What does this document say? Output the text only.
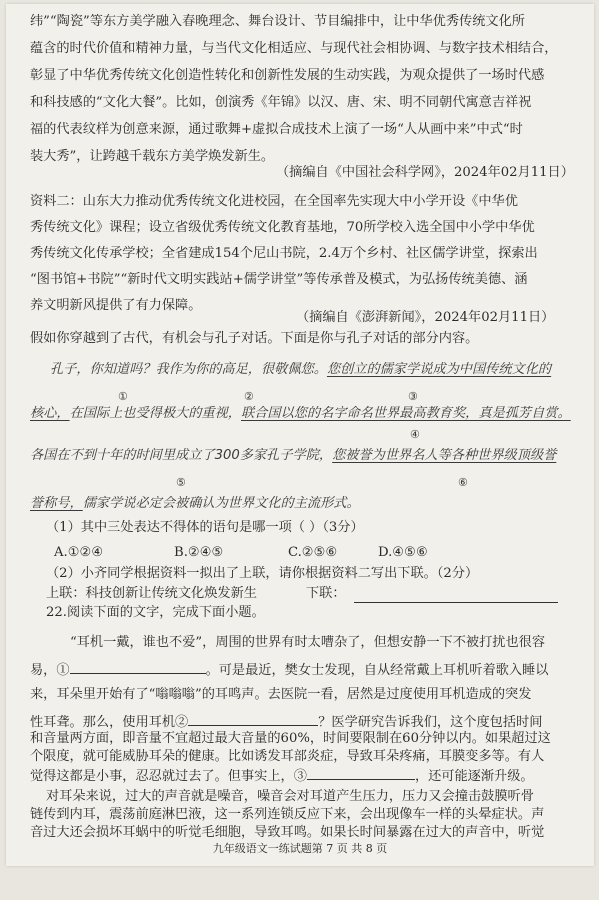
纬”“陶瓷”等东方美学融入春晚理念、舞台设计、节目编排中，让中华优秀传统文化所
蕴含的时代价值和精神力量，与当代文化相适应、与现代社会相协调、与数字技术相结合，
彰显了中华优秀传统文化创造性转化和创新性发展的生动实践，为观众提供了一场时代感
和科技感的“文化大餐”。比如，创演秀《年锦》以汉、唐、宋、明不同朝代寓意吉祥祝
福的代表纹样为创意来源，通过歌舞+虚拟合成技术上演了一场“人从画中来”中式“时
装大秀”，让跨越千载东方美学焕发新生。
（摘编自《中国社会科学网》，2024年02月11日）
资料二：山东大力推动优秀传统文化进校园，在全国率先实现大中小学开设《中华优
秀传统文化》课程；设立省级优秀传统文化教育基地，70所学校入选全国中小学中华优
秀传统文化传承学校；全省建成154个尼山书院，2.4万个乡村、社区儒学讲堂，探索出
“图书馆+书院”“新时代文明实践站+儒学讲堂”等传承普及模式，为弘扬传统美德、涵
养文明新风提供了有力保障。
（摘编自《澎湃新闻》，2024年02月11日）
假如你穿越到了古代，有机会与孔子对话。下面是你与孔子对话的部分内容。
孔子，你知道吗？我作为你的高足，很敬佩您。您创立的儒家学说成为中国传统文化的
①	②	③
核心，在国际上也受得极大的重视，联合国以您的名字命名世界最高教育奖，真是孤芳自赏。
④
各国在不到十年的时间里成立了300多家孔子学院，您被誉为世界名人等各种世界级顶级誉
⑤	⑥
誉称号，儒家学说必定会被确认为世界文化的主流形式。
（1）其中三处表达不得体的语句是哪一项（ ）（3分）
A.①②④	B.②④⑤	C.②⑤⑥	D.④⑤⑥
（2）小齐同学根据资料一拟出了上联，请你根据资料二写出下联。（2分）
上联：科技创新让传统文化焕发新生	下联：
22.阅读下面的文字，完成下面小题。
“耳机一戴，谁也不爱”，周围的世界有时太嘈杂了，但想安静一下不被打扰也很容
易，①	。可是最近，樊女士发现，自从经常戴上耳机听着歌入睡以
来，耳朵里开始有了“嗡嗡嗡”的耳鸣声。去医院一看，居然是过度使用耳机造成的突发
性耳聋。那么，使用耳机②	？医学研究告诉我们，这个度包括时间
和音量两方面，即音量不宜超过最大音量的60%，时间要限制在60分钟以内。如果超过这
个限度，就可能威胁耳朵的健康。比如诱发耳部炎症，导致耳朵疼痛，耳膜变多等。有人
觉得这都是小事，忍忍就过去了。但事实上，③	，还可能逐渐升级。
对耳朵来说，过大的声音就是噪音，噪音会对耳道产生压力，压力又会撞击鼓膜听骨
链传到内耳，震荡前庭淋巴液，这一系列连锁反应下来，会出现像车一样的头晕症状。声
音过大还会损坏耳蜗中的听觉毛细胞，导致耳鸣。如果长时间暴露在过大的声音中，听觉
九年级语文一练试题第 7 页 共 8 页
